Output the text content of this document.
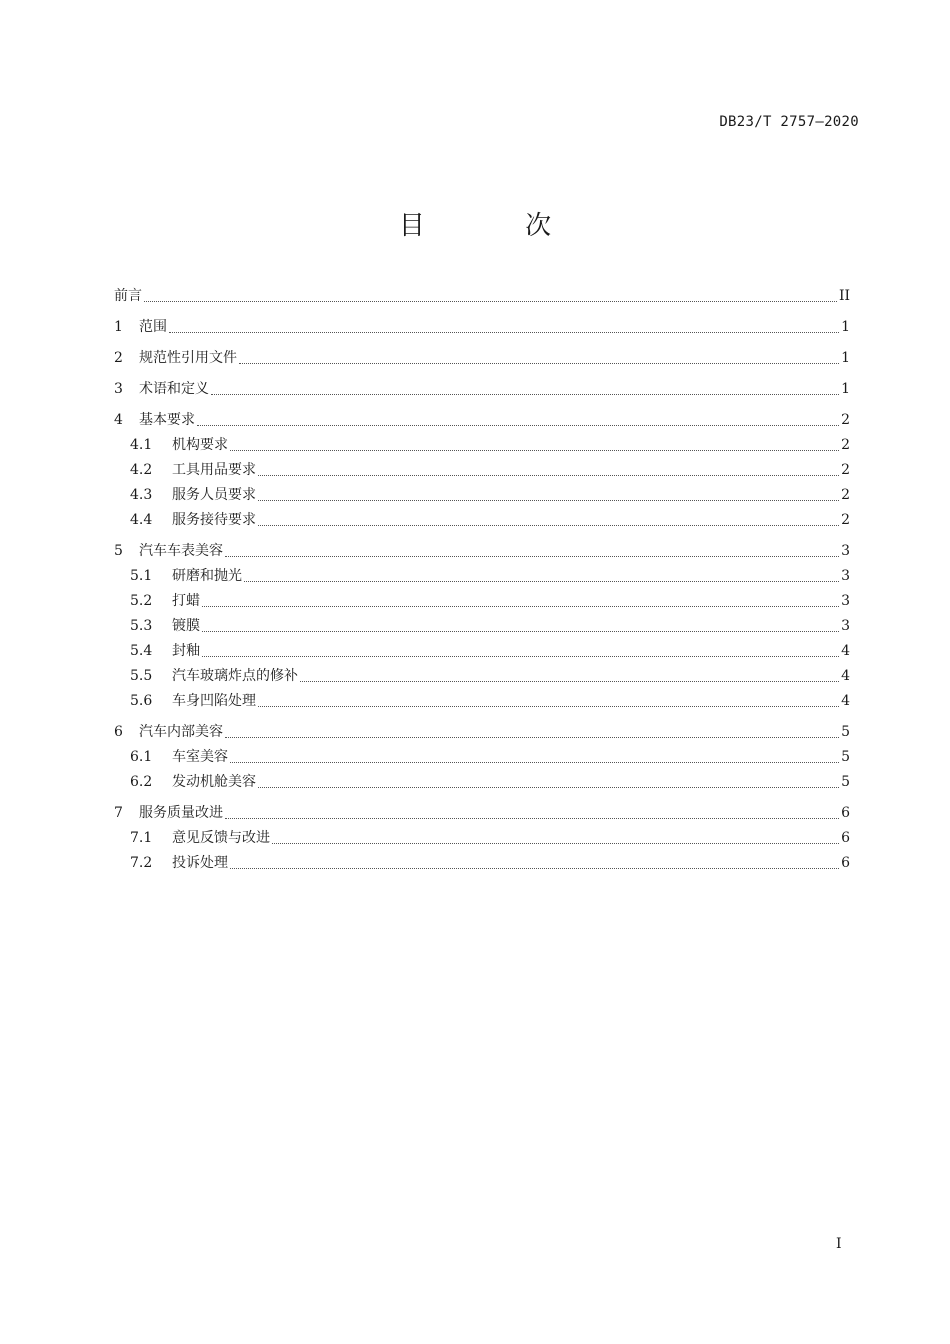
DB23/T 2757—2020
目 次
前言	II
1	范围	1
2	规范性引用文件	1
3	术语和定义	1
4	基本要求	2
4.1	机构要求	2
4.2	工具用品要求	2
4.3	服务人员要求	2
4.4	服务接待要求	2
5	汽车车表美容	3
5.1	研磨和抛光	3
5.2	打蜡	3
5.3	镀膜	3
5.4	封釉	4
5.5	汽车玻璃炸点的修补	4
5.6	车身凹陷处理	4
6	汽车内部美容	5
6.1	车室美容	5
6.2	发动机舱美容	5
7	服务质量改进	6
7.1	意见反馈与改进	6
7.2	投诉处理	6
I
